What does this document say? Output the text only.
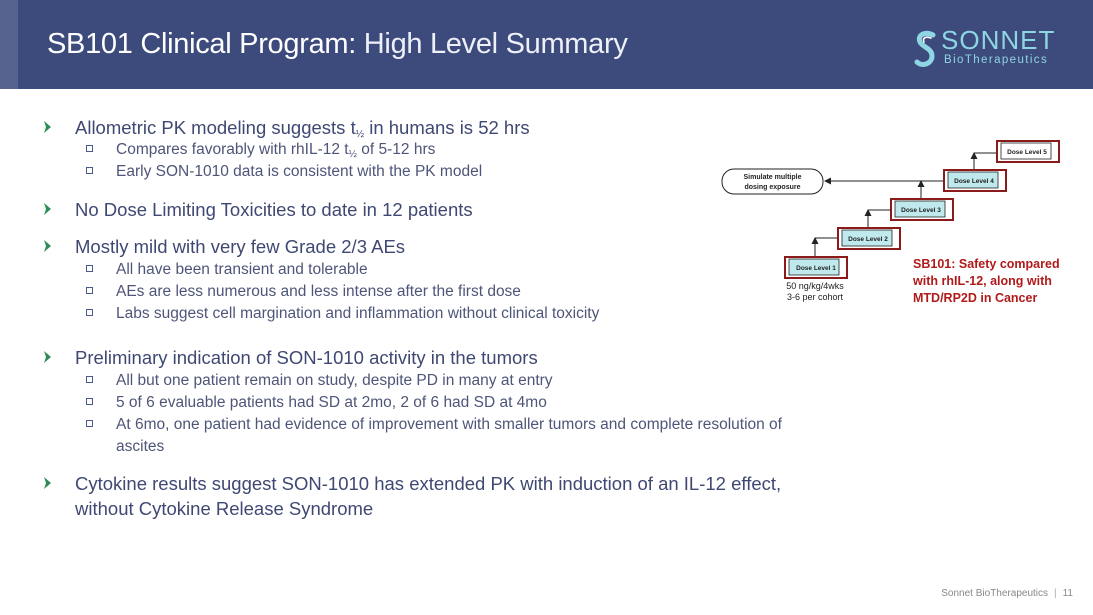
SB101 Clinical Program: High Level Summary	SONNET
BioTherapeutics
Allometric PK modeling suggests $t_{\frac{1}{2}}$ in humans is 52 hrs
Compares favorably with rhIL-12 $t_{\frac{1}{2}}$ of 5-12 hrs
Early SON-1010 data is consistent with the PK model
No Dose Limiting Toxicities to date in 12 patients
Mostly mild with very few Grade 2/3 AEs
All have been transient and tolerable
AEs are less numerous and less intense after the first dose
Labs suggest cell margination and inflammation without clinical toxicity
Preliminary indication of SON-1010 activity in the tumors
All but one patient remain on study, despite PD in many at entry
5 of 6 evaluable patients had SD at 2mo, 2 of 6 had SD at 4mo
At 6mo, one patient had evidence of improvement with smaller tumors and complete resolution of
ascites
Cytokine results suggest SON-1010 has extended PK with induction of an IL-12 effect,
without Cytokine Release Syndrome
Simulate multiple
dosing exposure
Dose Level 1
Dose Level 2
Dose Level 3
Dose Level 4
Dose Level 5
50 ng/kg/4wks
3-6 per cohort
SB101: Safety compared with rhIL-12, along with MTD/RP2D in Cancer
Sonnet BioTherapeutics | 11
